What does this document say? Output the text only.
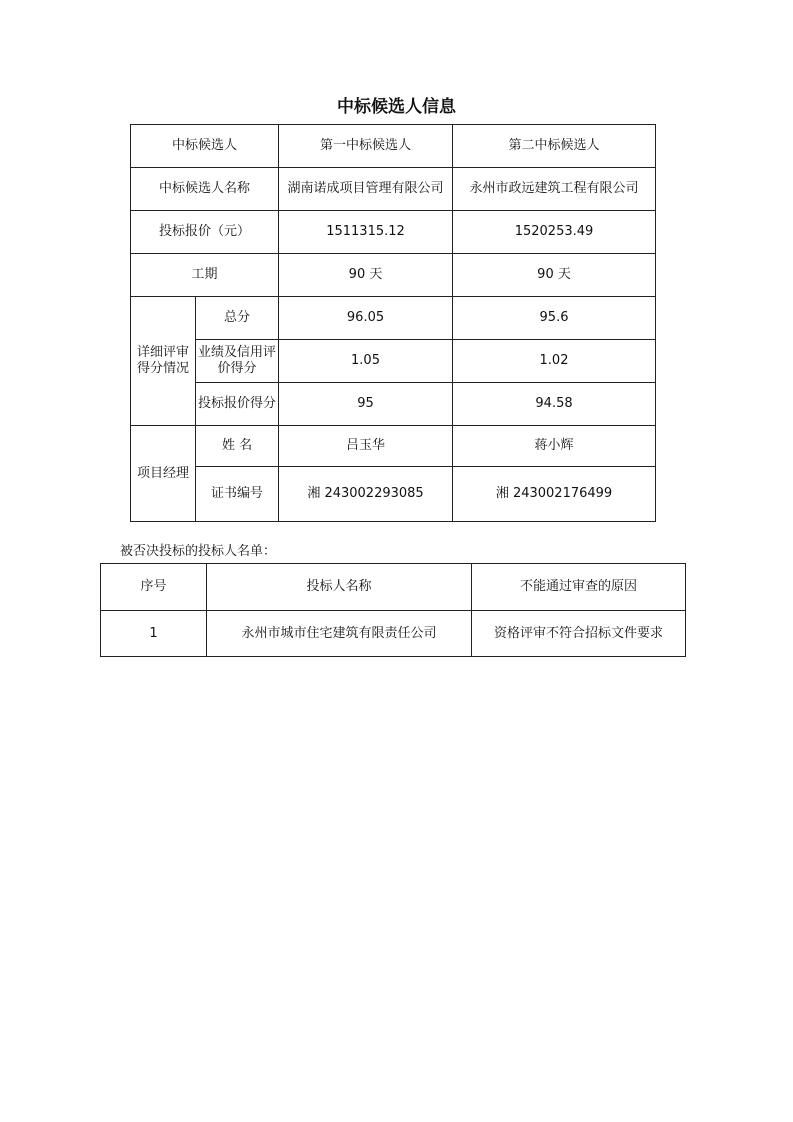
中标候选人信息
中标候选人		第一中标候选人	第二中标候选人
中标候选人名称		湖南诺成项目管理有限公司	永州市政远建筑工程有限公司
投标报价（元）		1511315.12	1520253.49
工期		90 天	90 天
详细评审得分情况	总分	96.05	95.6
	业绩及信用评价得分	1.05	1.02
	投标报价得分	95	94.58
项目经理	姓 名	吕玉华	蒋小辉
	证书编号	湘 243002293085	湘 243002176499
被否决投标的投标人名单：
序号	投标人名称	不能通过审查的原因
1	永州市城市住宅建筑有限责任公司	资格评审不符合招标文件要求
